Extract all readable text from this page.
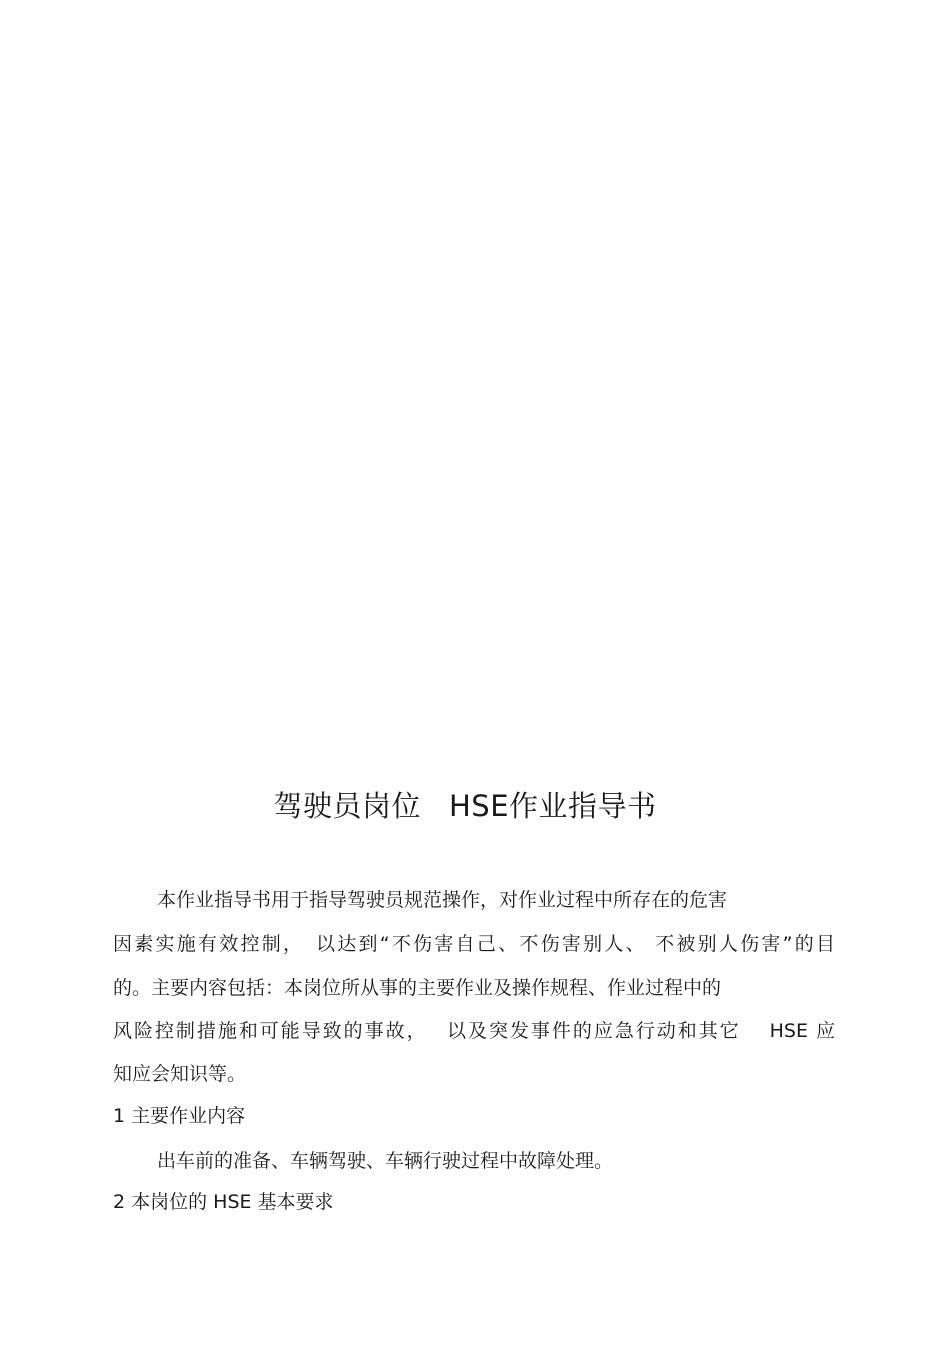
驾驶员岗位 HSE作业指导书
本作业指导书用于指导驾驶员规范操作，对作业过程中所存在的危害
因素实施有效控制，　以达到“不伤害自己、不伤害别人、 不被别人伤害”的目
的。主要内容包括：本岗位所从事的主要作业及操作规程、作业过程中的
风险控制措施和可能导致的事故，　 以及突发事件的应急行动和其它　 HSE 应
知应会知识等。
1 主要作业内容
出车前的准备、车辆驾驶、车辆行驶过程中故障处理。
2 本岗位的 HSE 基本要求
